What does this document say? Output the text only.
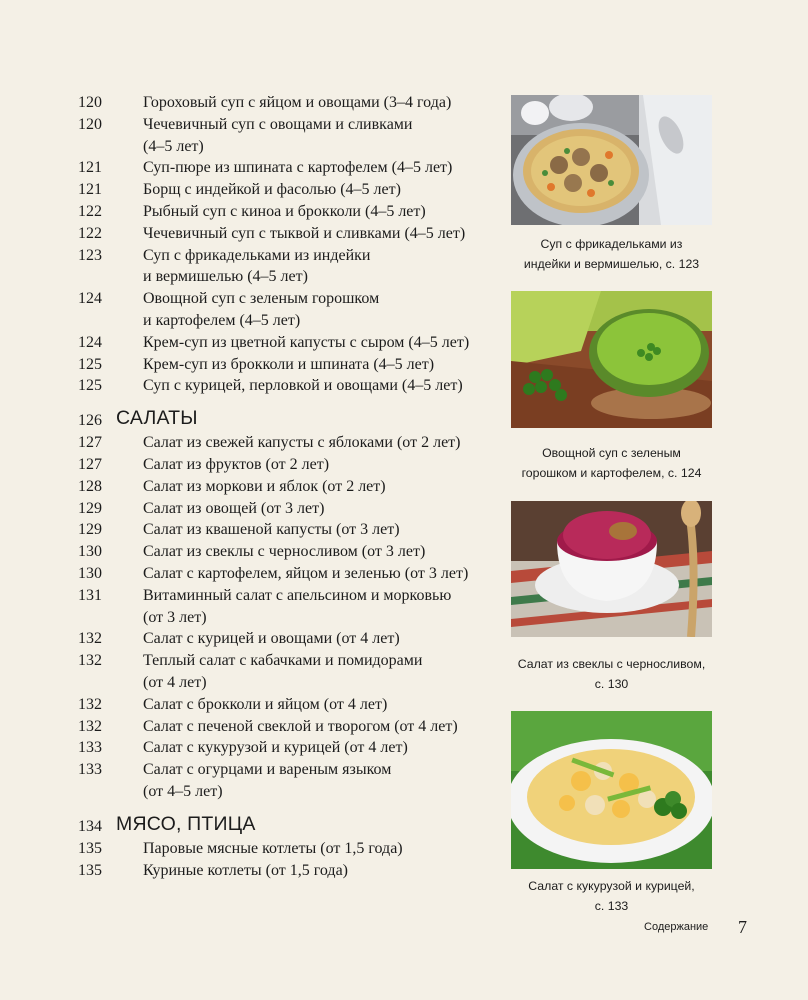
120	Гороховый суп с яйцом и овощами (3–4 года)
120	Чечевичный суп с овощами и сливками
(4–5 лет)
121	Суп-пюре из шпината с картофелем (4–5 лет)
121	Борщ с индейкой и фасолью (4–5 лет)
122	Рыбный суп с киноа и брокколи (4–5 лет)
122	Чечевичный суп с тыквой и сливками (4–5 лет)
123	Суп с фрикадельками из индейки
и вермишелью (4–5 лет)
124	Овощной суп с зеленым горошком
и картофелем (4–5 лет)
124	Крем-суп из цветной капусты с сыром (4–5 лет)
125	Крем-суп из брокколи и шпината (4–5 лет)
125	Суп с курицей, перловкой и овощами (4–5 лет)
126 САЛАТЫ
127	Салат из свежей капусты с яблоками (от 2 лет)
127	Салат из фруктов (от 2 лет)
128	Салат из моркови и яблок (от 2 лет)
129	Салат из овощей (от 3 лет)
129	Салат из квашеной капусты (от 3 лет)
130	Салат из свеклы с черносливом (от 3 лет)
130	Салат с картофелем, яйцом и зеленью (от 3 лет)
131	Витаминный салат с апельсином и морковью
(от 3 лет)
132	Салат с курицей и овощами (от 4 лет)
132	Теплый салат с кабачками и помидорами
(от 4 лет)
132	Салат с брокколи и яйцом (от 4 лет)
132	Салат с печеной свеклой и творогом (от 4 лет)
133	Салат с кукурузой и курицей (от 4 лет)
133	Салат с огурцами и вареным языком
(от 4–5 лет)
134 МЯСО, ПТИЦА
135	Паровые мясные котлеты (от 1,5 года)
135	Куриные котлеты (от 1,5 года)
Суп с фрикадельками из
индейки и вермишелью, с. 123
Овощной суп с зеленым
горошком и картофелем, с. 124
Салат из свеклы с черносливом,
с. 130
Салат с кукурузой и курицей,
с. 133
Содержание 7
